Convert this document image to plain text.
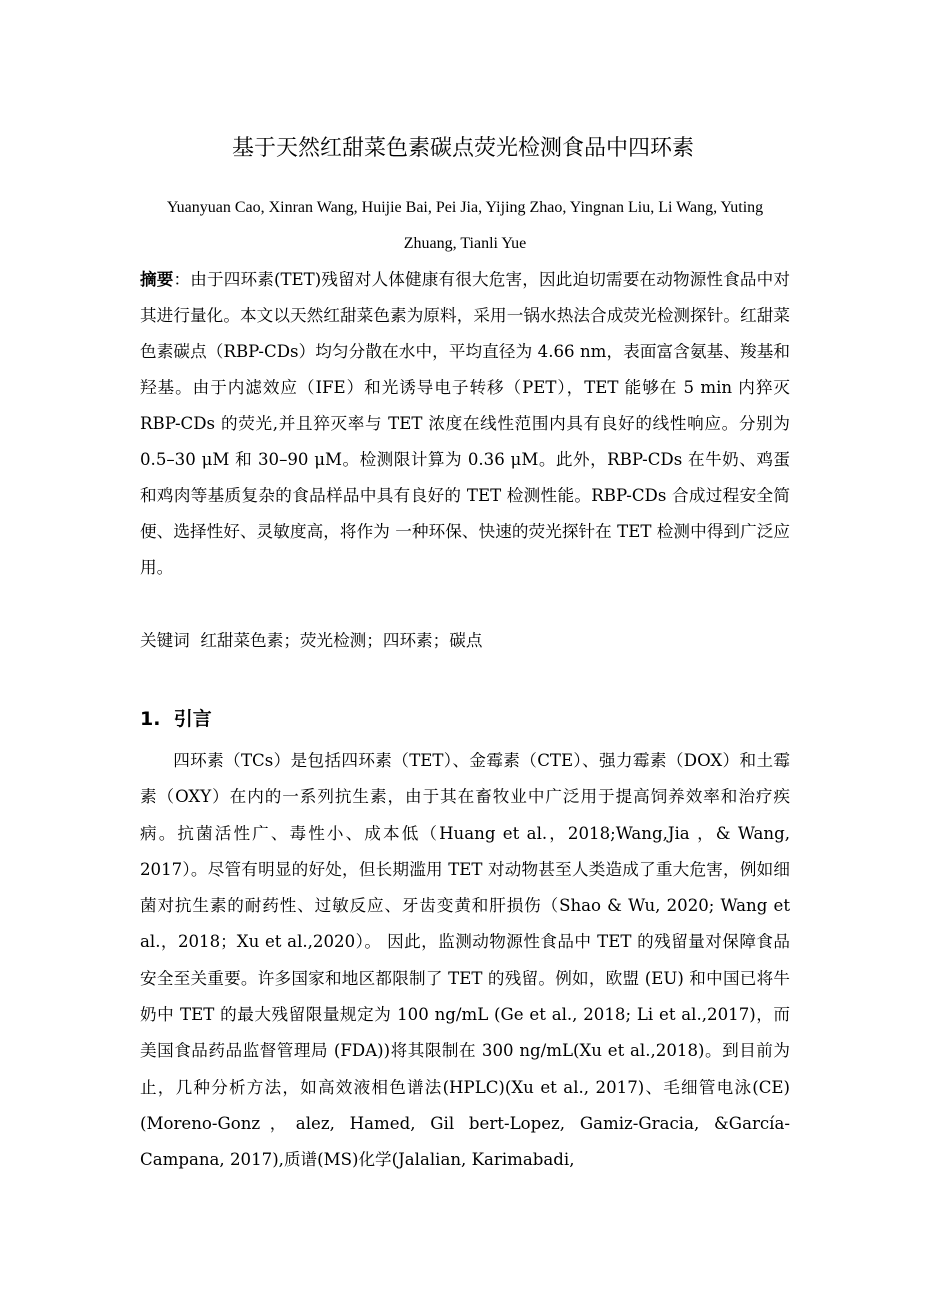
基于天然红甜菜色素碳点荧光检测食品中四环素

Yuanyuan Cao, Xinran Wang, Huijie Bai, Pei Jia, Yijing Zhao, Yingnan Liu, Li Wang, Yuting Zhuang, Tianli Yue

摘要：由于四环素(TET)残留对人体健康有很大危害，因此迫切需要在动物源性食品中对其进行量化。本文以天然红甜菜色素为原料，采用一锅水热法合成荧光检测探针。红甜菜色素碳点（RBP-CDs）均匀分散在水中，平均直径为 4.66 nm，表面富含氨基、羧基和羟基。由于内滤效应（IFE）和光诱导电子转移（PET），TET 能够在 5 min 内猝灭 RBP-CDs 的荧光,并且猝灭率与 TET 浓度在线性范围内具有良好的线性响应。分别为 0.5–30 μM 和 30–90 μM。检测限计算为 0.36 μM。此外，RBP-CDs 在牛奶、鸡蛋和鸡肉等基质复杂的食品样品中具有良好的 TET 检测性能。RBP-CDs 合成过程安全简便、选择性好、灵敏度高，将作为 一种环保、快速的荧光探针在 TET 检测中得到广泛应用。

关键词 红甜菜色素；荧光检测；四环素；碳点

1. 引言

四环素（TCs）是包括四环素（TET）、金霉素（CTE）、强力霉素（DOX）和土霉素（OXY）在内的一系列抗生素，由于其在畜牧业中广泛用于提高饲养效率和治疗疾病。抗菌活性广、毒性小、成本低（Huang et al.，2018;Wang,Jia ，& Wang, 2017）。尽管有明显的好处，但长期滥用 TET 对动物甚至人类造成了重大危害，例如细菌对抗生素的耐药性、过敏反应、牙齿变黄和肝损伤（Shao & Wu, 2020; Wang et al.，2018；Xu et al.,2020）。 因此，监测动物源性食品中 TET 的残留量对保障食品安全至关重要。许多国家和地区都限制了 TET 的残留。例如，欧盟 (EU) 和中国已将牛奶中 TET 的最大残留限量规定为 100 ng/mL (Ge et al., 2018; Li et al.,2017)，而美国食品药品监督管理局 (FDA))将其限制在 300 ng/mL(Xu et al.,2018)。到目前为止，几种分析方法，如高效液相色谱法(HPLC)(Xu et al., 2017)、毛细管电泳(CE)(Moreno-Gonz，alez, Hamed, Gil bert-Lopez, Gamiz-Gracia, &García-Campana, 2017),质谱(MS)化学(Jalalian, Karimabadi,
